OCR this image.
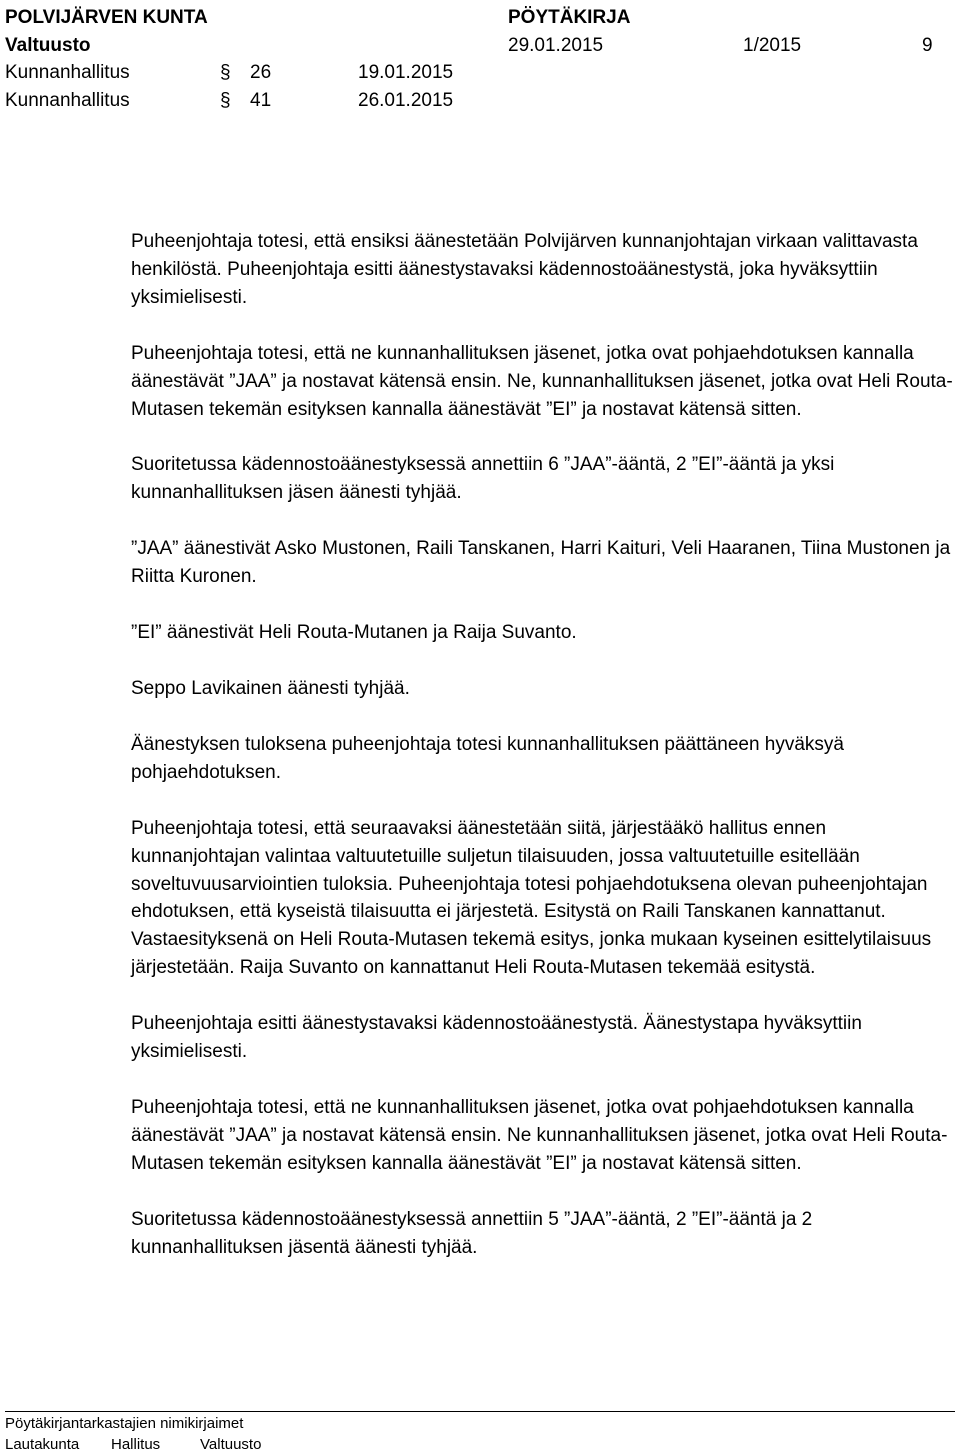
POLVIJÄRVEN KUNTA	PÖYTÄKIRJA
Valtuusto	29.01.2015	1/2015	9
Kunnanhallitus	§ 26	19.01.2015
Kunnanhallitus	§ 41	26.01.2015

Puheenjohtaja totesi, että ensiksi äänestetään Polvijärven kunnanjohtajan virkaan valittavasta henkilöstä. Puheenjohtaja esitti äänestystavaksi kädennostoäänestystä, joka hyväksyttiin yksimielisesti.

Puheenjohtaja totesi, että ne kunnanhallituksen jäsenet, jotka ovat pohjaehdotuksen kannalla äänestävät ”JAA” ja nostavat kätensä ensin. Ne, kunnanhallituksen jäsenet, jotka ovat Heli Routa-Mutasen tekemän esityksen kannalla äänestävät ”EI” ja nostavat kätensä sitten.

Suoritetussa kädennostoäänestyksessä annettiin 6 ”JAA”-ääntä, 2 ”EI”-ääntä ja yksi kunnanhallituksen jäsen äänesti tyhjää.

”JAA” äänestivät Asko Mustonen, Raili Tanskanen, Harri Kaituri, Veli Haaranen, Tiina Mustonen ja Riitta Kuronen.

”EI” äänestivät Heli Routa-Mutanen ja Raija Suvanto.

Seppo Lavikainen äänesti tyhjää.

Äänestyksen tuloksena puheenjohtaja totesi kunnanhallituksen päättäneen hyväksyä pohjaehdotuksen.

Puheenjohtaja totesi, että seuraavaksi äänestetään siitä, järjestääkö hallitus ennen kunnanjohtajan valintaa valtuutetuille suljetun tilaisuuden, jossa valtuutetuille esitellään soveltuvuusarviointien tuloksia. Puheenjohtaja totesi pohjaehdotuksena olevan puheenjohtajan ehdotuksen, että kyseistä tilaisuutta ei järjestetä. Esitystä on Raili Tanskanen kannattanut. Vastaesityksenä on Heli Routa-Mutasen tekemä esitys, jonka mukaan kyseinen esittelytilaisuus järjestetään. Raija Suvanto on kannattanut Heli Routa-Mutasen tekemää esitystä.

Puheenjohtaja esitti äänestystavaksi kädennostoäänestystä. Äänestystapa hyväksyttiin yksimielisesti.

Puheenjohtaja totesi, että ne kunnanhallituksen jäsenet, jotka ovat pohjaehdotuksen kannalla äänestävät ”JAA” ja nostavat kätensä ensin. Ne kunnanhallituksen jäsenet, jotka ovat Heli Routa-Mutasen tekemän esityksen kannalla äänestävät ”EI” ja nostavat kätensä sitten.

Suoritetussa kädennostoäänestyksessä annettiin 5 ”JAA”-ääntä, 2 ”EI”-ääntä ja 2 kunnanhallituksen jäsentä äänesti tyhjää.

Pöytäkirjantarkastajien nimikirjaimet
Lautakunta Hallitus	Valtuusto
